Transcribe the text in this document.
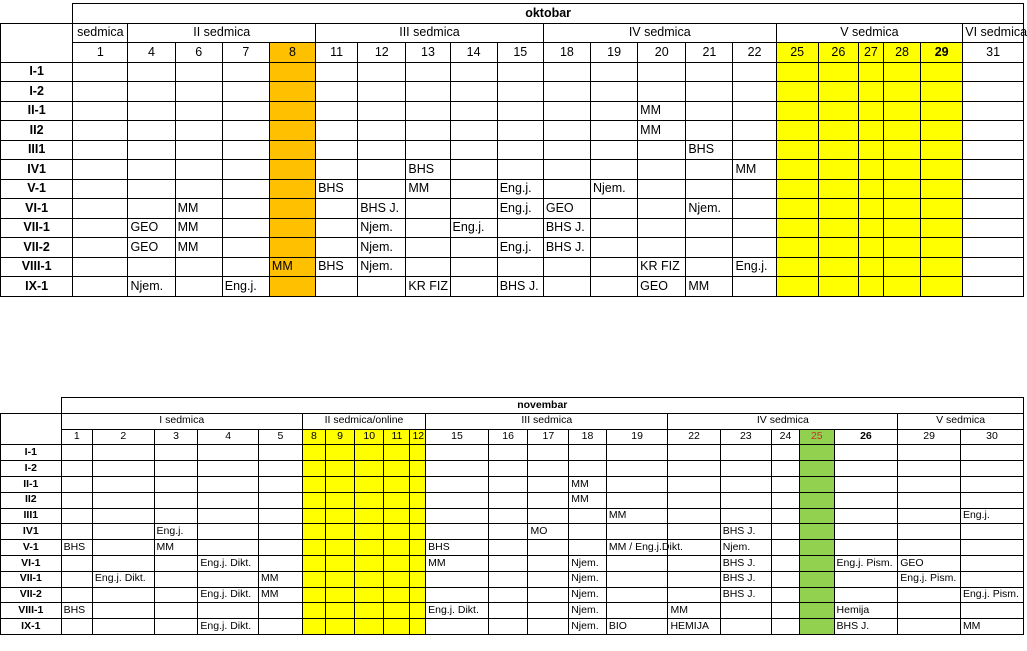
	oktobar																				
	sedmica	II sedmica				III sedmica					IV sedmica					V sedmica					VI sedmica
	1	4	6	7	8	11	12	13	14	15	18	19	20	21	22	25	26	27	28	29	31
I-1																					
I-2																					
II-1													MM								
II2													MM								
III1														BHS							
IV1								BHS							MM						
V-1						BHS		MM		Eng.j.		Njem.									
VI-1			MM				BHS J.			Eng.j.	GEO			Njem.							
VII-1		GEO	MM				Njem.		Eng.j.		BHS J.										
VII-2		GEO	MM				Njem.			Eng.j.	BHS J.										
VIII-1					MM	BHS	Njem.						KR FIZ		Eng.j.						
IX-1		Njem.		Eng.j.				KR FIZ		BHS J.			GEO	MM							
	novembar																					
	I sedmica					II sedmica/online					III sedmica					IV sedmica					V sedmica	
	1	2	3	4	5	8	9	10	11	12	15	16	17	18	19	22	23	24	25	26	29	30
I-1																						
I-2																						
II-1														MM								
II2														MM								
III1															MM							Eng.j.
IV1			Eng.j.										MO				BHS J.					
V-1	BHS		MM								BHS				MM / Eng.j.Dikt.		Njem.					
VI-1				Eng.j. Dikt.							MM			Njem.			BHS J.			Eng.j. Pism.	GEO	
VII-1		Eng.j. Dikt.			MM									Njem.			BHS J.				Eng.j. Pism.	
VII-2				Eng.j. Dikt.	MM									Njem.			BHS J.					Eng.j. Pism.
VIII-1	BHS										Eng.j. Dikt.			Njem.		MM				Hemija		
IX-1				Eng.j. Dikt.										Njem.	BIO	HEMIJA				BHS J.		MM
